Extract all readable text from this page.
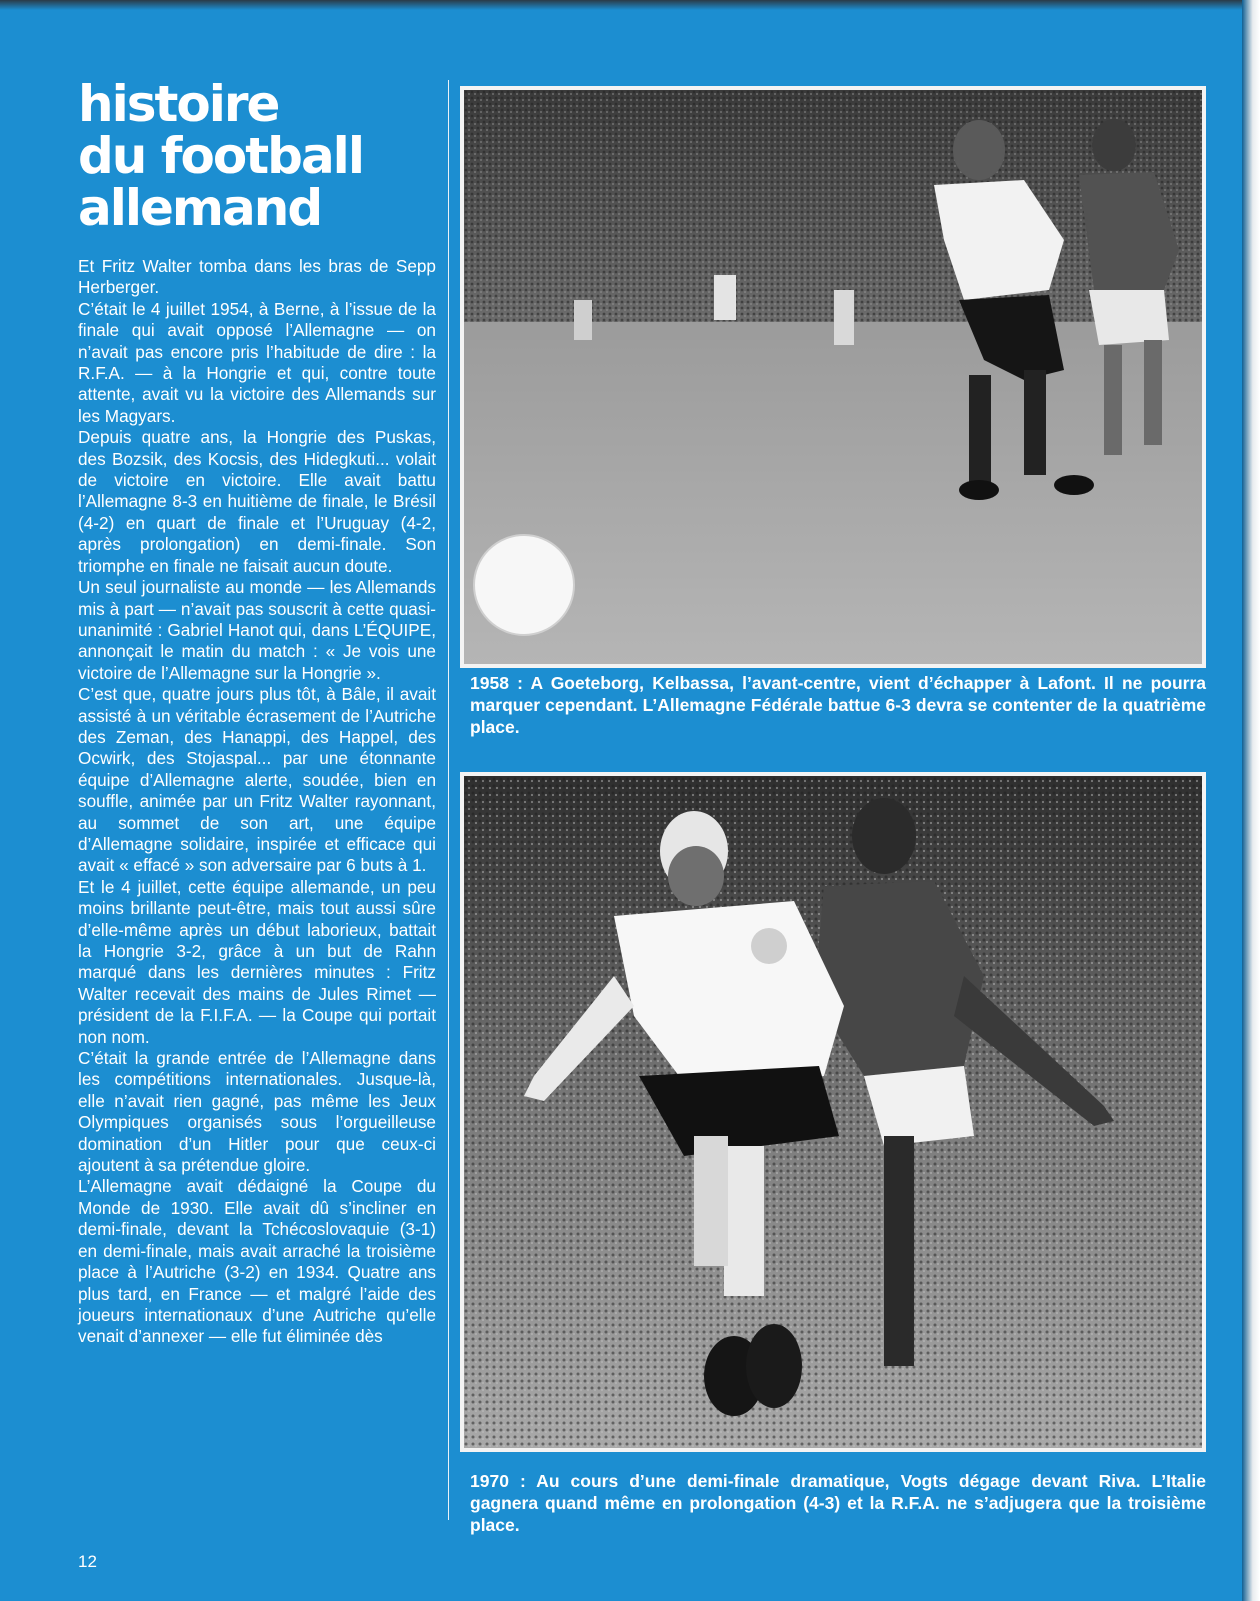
histoire
du football
allemand

Et Fritz Walter tomba dans les bras de Sepp Herberger.

C’était le 4 juillet 1954, à Berne, à l’issue de la finale qui avait opposé l’Allemagne — on n’avait pas encore pris l’habitude de dire : la R.F.A. — à la Hongrie et qui, contre toute attente, avait vu la victoire des Allemands sur les Magyars.

Depuis quatre ans, la Hongrie des Puskas, des Bozsik, des Kocsis, des Hidegkuti... volait de victoire en victoire. Elle avait battu l’Allemagne 8-3 en huitième de finale, le Brésil (4-2) en quart de finale et l’Uruguay (4-2, après prolongation) en demi-finale. Son triomphe en finale ne faisait aucun doute.

Un seul journaliste au monde — les Allemands mis à part — n’avait pas souscrit à cette quasi-unanimité : Gabriel Hanot qui, dans L’ÉQUIPE, annonçait le matin du match : « Je vois une victoire de l’Allemagne sur la Hongrie ».

C’est que, quatre jours plus tôt, à Bâle, il avait assisté à un véritable écrasement de l’Autriche des Zeman, des Hanappi, des Happel, des Ocwirk, des Stojaspal... par une étonnante équipe d’Allemagne alerte, soudée, bien en souffle, animée par un Fritz Walter rayonnant, au sommet de son art, une équipe d’Allemagne solidaire, inspirée et efficace qui avait « effacé » son adversaire par 6 buts à 1.

Et le 4 juillet, cette équipe allemande, un peu moins brillante peut-être, mais tout aussi sûre d’elle-même après un début laborieux, battait la Hongrie 3-2, grâce à un but de Rahn marqué dans les dernières minutes : Fritz Walter recevait des mains de Jules Rimet — président de la F.I.F.A. — la Coupe qui portait non nom.

C’était la grande entrée de l’Allemagne dans les compétitions internationales. Jusque-là, elle n’avait rien gagné, pas même les Jeux Olympiques organisés sous l’orgueilleuse domination d’un Hitler pour que ceux-ci ajoutent à sa prétendue gloire.

L’Allemagne avait dédaigné la Coupe du Monde de 1930. Elle avait dû s’incliner en demi-finale, devant la Tchécoslovaquie (3-1) en demi-finale, mais avait arraché la troisième place à l’Autriche (3-2) en 1934. Quatre ans plus tard, en France — et malgré l’aide des joueurs internationaux d’une Autriche qu’elle venait d’annexer — elle fut éliminée dès

1958 : A Goeteborg, Kelbassa, l’avant-centre, vient d’échapper à Lafont. Il ne pourra marquer cependant. L’Allemagne Fédérale battue 6-3 devra se contenter de la quatrième place.
1970 : Au cours d’une demi-finale dramatique, Vogts dégage devant Riva. L’Italie gagnera quand même en prolongation (4-3) et la R.F.A. ne s’adjugera que la troisième place.
12
